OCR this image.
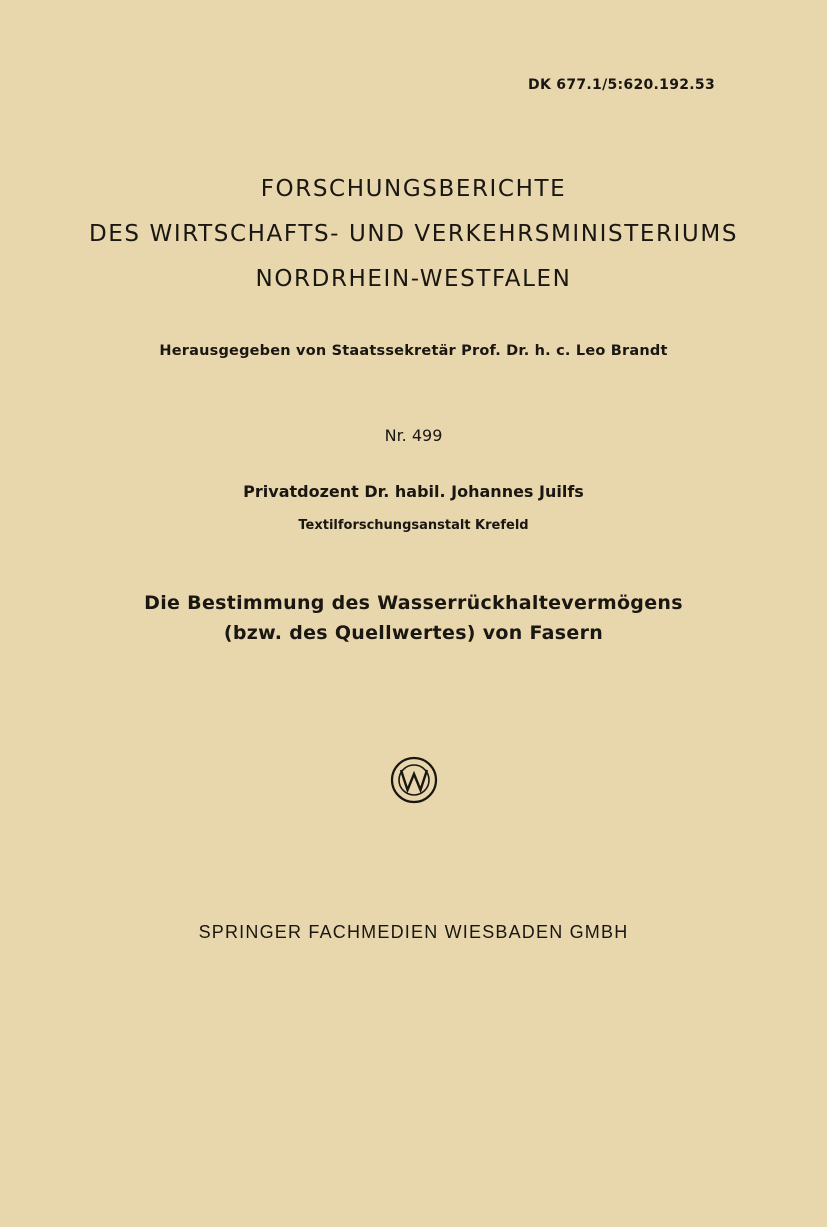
DK 677.1/5:620.192.53
FORSCHUNGSBERICHTE
DES WIRTSCHAFTS- UND VERKEHRSMINISTERIUMS
NORDRHEIN-WESTFALEN
Herausgegeben von Staatssekretär Prof. Dr. h. c. Leo Brandt
Nr. 499
Privatdozent Dr. habil. Johannes Juilfs
Textilforschungsanstalt Krefeld
Die Bestimmung des Wasserrückhaltevermögens
(bzw. des Quellwertes) von Fasern
SPRINGER FACHMEDIEN WIESBADEN GMBH
